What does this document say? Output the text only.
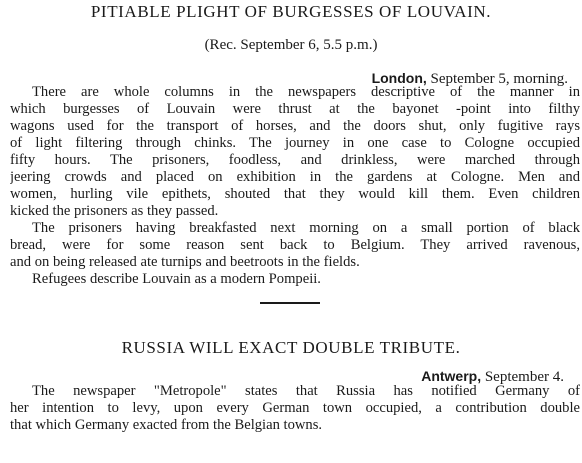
PITIABLE PLIGHT OF BURGESSES OF LOUVAIN.
(Rec. September 6, 5.5 p.m.)
London, September 5, morning.
There are whole columns in the newspapers descriptive of the manner in
which burgesses of Louvain were thrust at the bayonet -point into filthy
wagons used for the transport of horses, and the doors shut, only fugitive rays
of light filtering through chinks. The journey in one case to Cologne occupied
fifty hours. The prisoners, foodless, and drinkless, were marched through
jeering crowds and placed on exhibition in the gardens at Cologne. Men and
women, hurling vile epithets, shouted that they would kill them. Even children
kicked the prisoners as they passed.
The prisoners having breakfasted next morning on a small portion of black
bread, were for some reason sent back to Belgium. They arrived ravenous,
and on being released ate turnips and beetroots in the fields.
Refugees describe Louvain as a modern Pompeii.
RUSSIA WILL EXACT DOUBLE TRIBUTE.
Antwerp, September 4.
The newspaper "Metropole" states that Russia has notified Germany of
her intention to levy, upon every German town occupied, a contribution double
that which Germany exacted from the Belgian towns.
